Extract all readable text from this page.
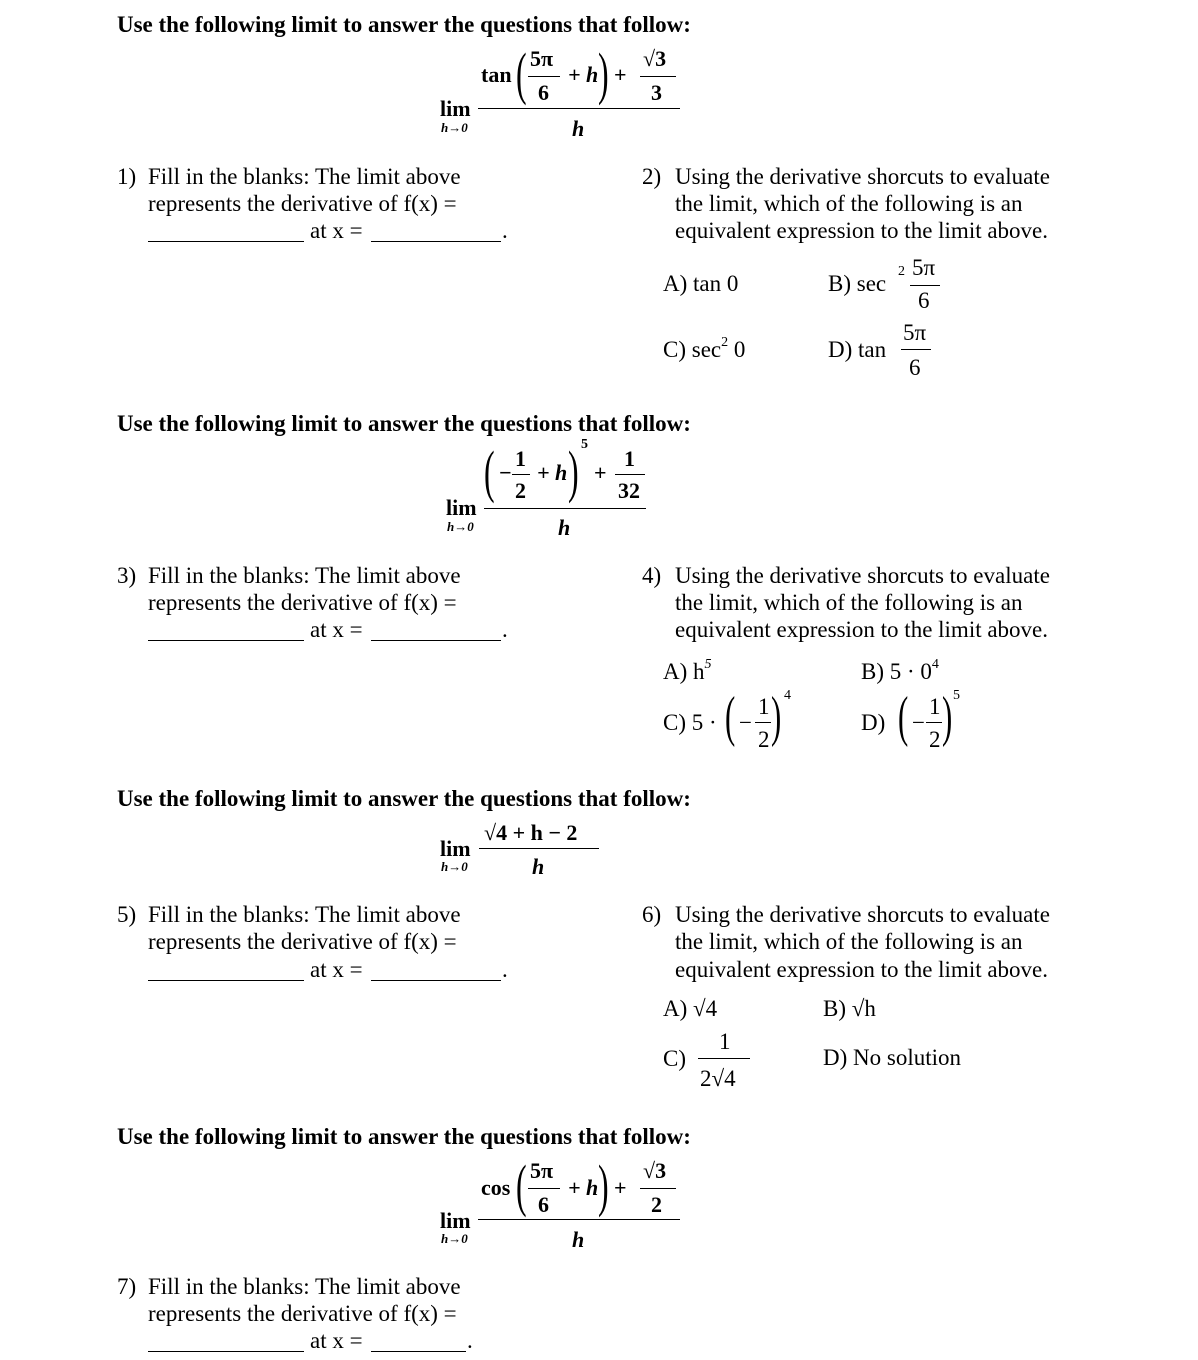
Use the following limit to answer the questions that follow:
tan ( 5π
6
+ h ) +
√3
3
lim
h→0	h
1) Fill in the blanks: The limit above
represents the derivative of f(x) =
at x =	.
2) Using the derivative shorcuts to evaluate
the limit, which of the following is an
equivalent expression to the limit above.
A) tan 0	B) sec 2 5π
6
C) $\sec^2 0$	D) tan
5π
6
Use the following limit to answer the questions that follow:
( −
1
2
+ h ) 5
+
1
32
lim
h→0	h
3) Fill in the blanks: The limit above
represents the derivative of f(x) =
at x =	.
4) Using the derivative shorcuts to evaluate
the limit, which of the following is an
equivalent expression to the limit above.
A) $h^5$	B) $5 \cdot 0^4$
C) 5 · ( −
1
2 ) 4
D) ( −
1
2 ) 5
Use the following limit to answer the questions that follow:
√4 + h − 2
lim
h→0	h
5) Fill in the blanks: The limit above
represents the derivative of f(x) =
at x =	.
6) Using the derivative shorcuts to evaluate
the limit, which of the following is an
equivalent expression to the limit above.
A) √4	B) √h
C)
1
2√4
D) No solution
Use the following limit to answer the questions that follow:
cos ( 5π
6
+ h ) +
√3
2
lim
h→0	h
7) Fill in the blanks: The limit above
represents the derivative of f(x) =
at x =	.
